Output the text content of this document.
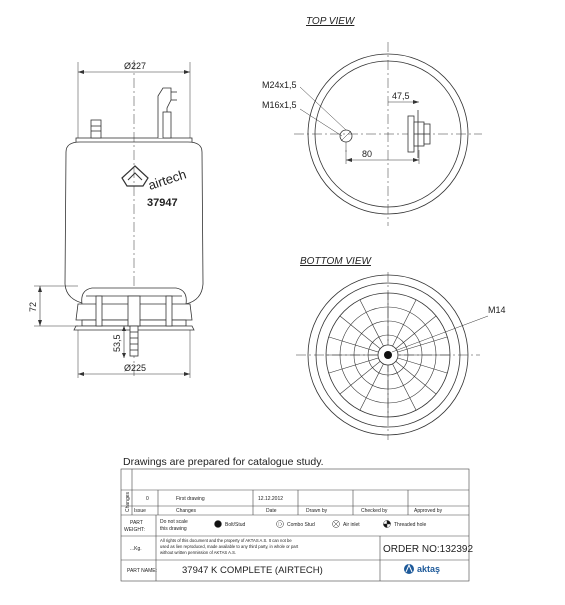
Ø227
Ø225
72
53,5
airtech
37947
TOP VIEW
M24x1,5
M16x1,5
47,5
80
BOTTOM VIEW
M14
Drawings are prepared for catalogue study.
Changes	0	First drawing	12.12.2012
Issue	Changes	Date	Drawn by	Checked by	Approved by
PART WEIGHT:
...Kg.
Do not scale this drawing
Bolt/Stud	Combo Stud	Air inlet	Threaded hole
All rights of this document and the property of AKTAS A.S. It can not be
used as lien reproduced, made available to any third party, in whole or part
without written permission of AKTAS A.S.	ORDER NO:132392
PART NAME:	37947 K COMPLETE (AIRTECH)	aktaş
